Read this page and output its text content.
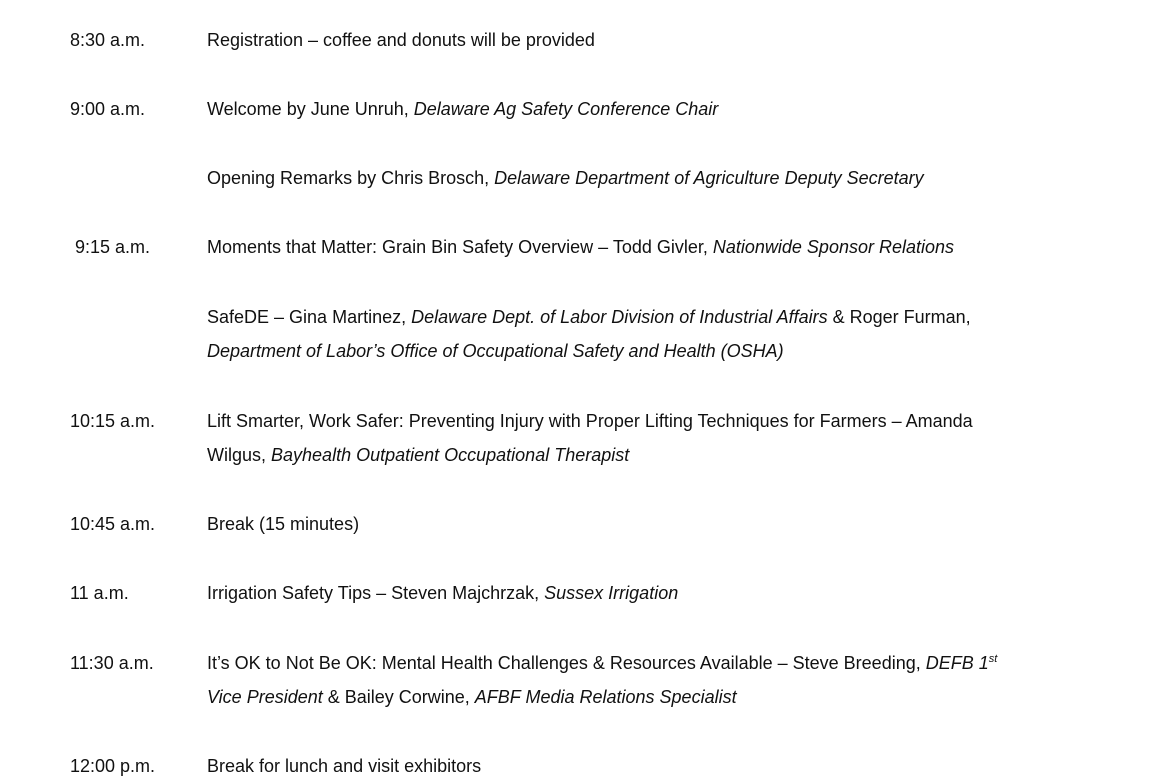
8:30 a.m.	Registration – coffee and donuts will be provided
9:00 a.m.	Welcome by June Unruh, Delaware Ag Safety Conference Chair
Opening Remarks by Chris Brosch, Delaware Department of Agriculture Deputy Secretary
9:15 a.m.	Moments that Matter: Grain Bin Safety Overview – Todd Givler, Nationwide Sponsor Relations
SafeDE – Gina Martinez, Delaware Dept. of Labor Division of Industrial Affairs & Roger Furman,
Department of Labor’s Office of Occupational Safety and Health (OSHA)
10:15 a.m.	Lift Smarter, Work Safer: Preventing Injury with Proper Lifting Techniques for Farmers – Amanda
Wilgus, Bayhealth Outpatient Occupational Therapist
10:45 a.m.	Break (15 minutes)
11 a.m.	Irrigation Safety Tips – Steven Majchrzak, Sussex Irrigation
11:30 a.m.	It’s OK to Not Be OK: Mental Health Challenges & Resources Available – Steve Breeding, DEFB 1st
Vice President & Bailey Corwine, AFBF Media Relations Specialist
12:00 p.m.	Break for lunch and visit exhibitors
